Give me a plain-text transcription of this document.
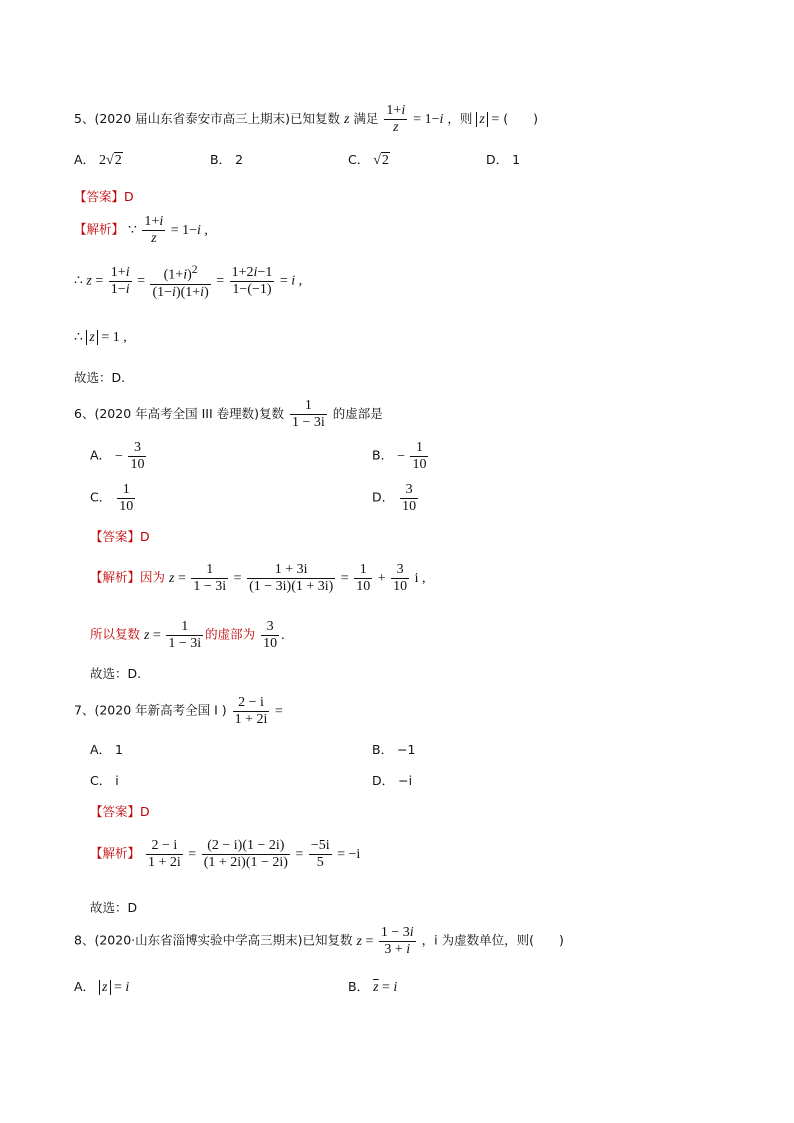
5、(2020 届山东省泰安市高三上期末)已知复数 z 满足 $\frac{1+i}{z} = 1-i$ ，则 z = (　　)
A． 2√2	B． 2	C． √2	D． 1
【答案】D
【解析】 ∵ $\frac{1+i}{z} = 1-i$ ,
∴ $z = \frac{1+i}{1-i} = \frac{(1+i)^2}{(1-i)(1+i)} = \frac{1+2i-1}{1-(-1)} = i$ ,
∴ z = 1 ,
故选：D.
6、(2020 年高考全国 III 卷理数)复数 $\frac{1}{1 - 3i}$ 的虚部是
A． − $\frac{3}{10}$	B． − $\frac{1}{10}$
C． $\frac{1}{10}$	D． $\frac{3}{10}$
【答案】D
【解析】因为 $z = \frac{1}{1 - 3i} = \frac{1 + 3i}{(1 - 3i)(1 + 3i)} = \frac{1}{10} + \frac{3}{10}$ i ,
所以复数 $z = \frac{1}{1 - 3i}$ 的虚部为 $\frac{3}{10}$ .
故选：D.
7、(2020 年新高考全国 I ) $\frac{2 - i}{1 + 2i}$ =
A． 1	B． −1
C． i	D． −i
【答案】D
【解析】 $\frac{2 - i}{1 + 2i} = \frac{(2 - i)(1 - 2i)}{(1 + 2i)(1 - 2i)} = \frac{-5i}{5} = -i$
故选：D
8、(2020·山东省淄博实验中学高三期末)已知复数 $z = \frac{1 - 3i}{3 + i}$ ，i 为虚数单位，则(　　)
A． z = i	B． $\overline{z} = i$
